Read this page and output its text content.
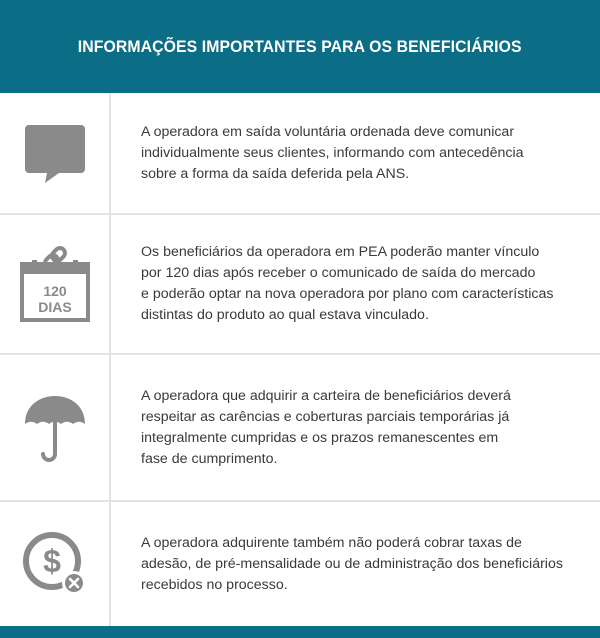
INFORMAÇÕES IMPORTANTES PARA OS BENEFICIÁRIOS
A operadora em saída voluntária ordenada deve comunicar
individualmente seus clientes, informando com antecedência
sobre a forma da saída deferida pela ANS.
120
DIAS
Os beneficiários da operadora em PEA poderão manter vínculo
por 120 dias após receber o comunicado de saída do mercado
e poderão optar na nova operadora por plano com características
distintas do produto ao qual estava vinculado.
A operadora que adquirir a carteira de beneficiários deverá
respeitar as carências e coberturas parciais temporárias já
integralmente cumpridas e os prazos remanescentes em
fase de cumprimento.
$
A operadora adquirente também não poderá cobrar taxas de
adesão, de pré-mensalidade ou de administração dos beneficiários
recebidos no processo.
